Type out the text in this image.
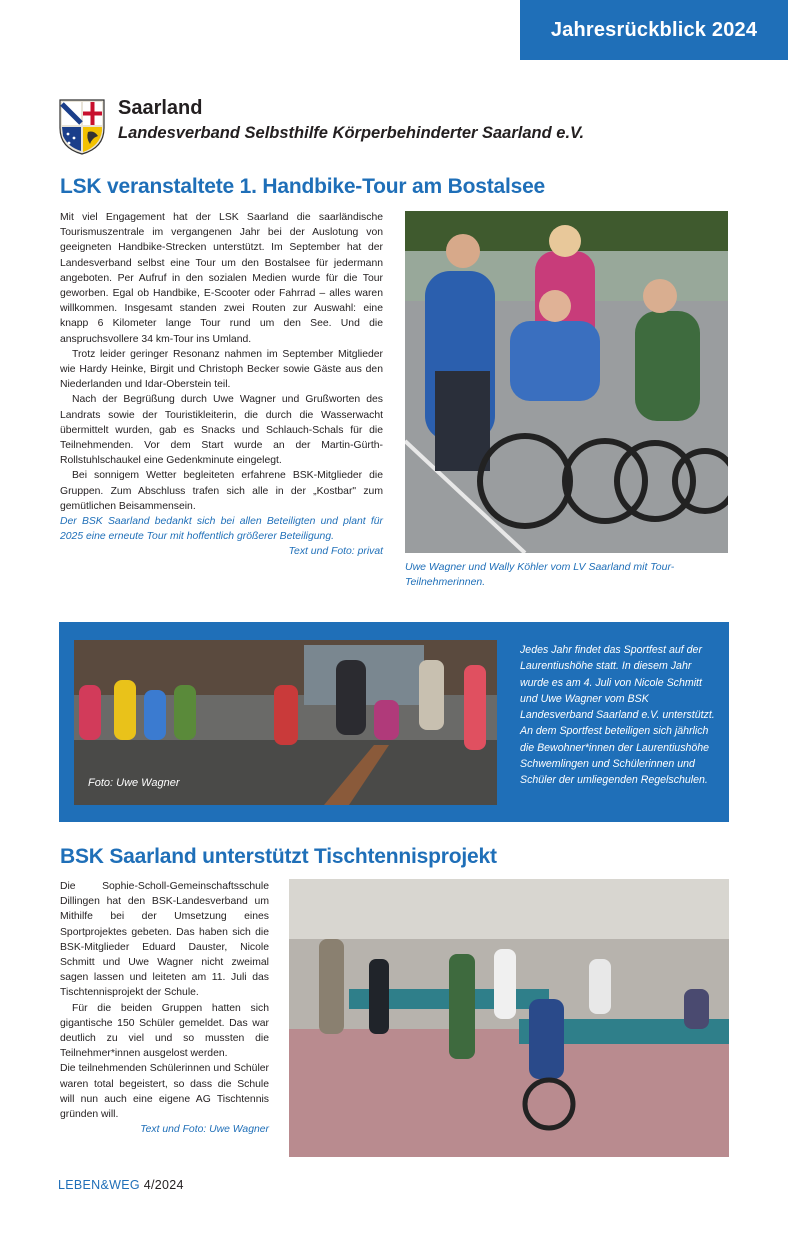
Jahresrückblick 2024
Saarland
Landesverband Selbsthilfe Körperbehinderter Saarland e.V.
LSK veranstaltete 1. Handbike-Tour am Bostalsee

Mit viel Engagement hat der LSK Saarland die saarländische Tourismuszentrale im vergangenen Jahr bei der Auslotung von geeigneten Handbike-Strecken unterstützt. Im September hat der Landesverband selbst eine Tour um den Bostalsee für jedermann angeboten. Per Aufruf in den sozialen Medien wurde für die Tour geworben. Egal ob Handbike, E-Scooter oder Fahrrad – alles waren willkommen. Insgesamt standen zwei Routen zur Auswahl: eine knapp 6 Kilometer lange Tour rund um den See. Und die anspruchsvollere 34 km-Tour ins Umland.

Trotz leider geringer Resonanz nahmen im September Mitglieder wie Hardy Heinke, Birgit und Christoph Becker sowie Gäste aus den Niederlanden und Idar-Oberstein teil.

Nach der Begrüßung durch Uwe Wagner und Grußworten des Landrats sowie der Touristikleiterin, die durch die Wasserwacht übermittelt wurden, gab es Snacks und Schlauch-Schals für die Teilnehmenden. Vor dem Start wurde an der Martin-Gürth-Rollstuhlschaukel eine Gedenkminute eingelegt.

Bei sonnigem Wetter begleiteten erfahrene BSK-Mitglieder die Gruppen. Zum Abschluss trafen sich alle in der „Kostbar" zum gemütlichen Beisammensein.

Der BSK Saarland bedankt sich bei allen Beteiligten und plant für 2025 eine erneute Tour mit hoffentlich größerer Beteiligung.

Text und Foto: privat
Uwe Wagner und Wally Köhler vom LV Saarland mit Tour-Teilnehmerinnen.
Foto: Uwe Wagner
Jedes Jahr findet das Sportfest auf der Laurentiushöhe statt. In diesem Jahr wurde es am 4. Juli von Nicole Schmitt und Uwe Wagner vom BSK Landesverband Saarland e.V. unterstützt. An dem Sportfest beteiligen sich jährlich die Bewohner*innen der Laurentiushöhe Schwemlingen und Schülerinnen und Schüler der umliegenden Regelschulen.
BSK Saarland unterstützt Tischtennisprojekt

Die Sophie-Scholl-Gemeinschaftsschule Dillingen hat den BSK-Landesverband um Mithilfe bei der Umsetzung eines Sportprojektes gebeten. Das haben sich die BSK-Mitglieder Eduard Dauster, Nicole Schmitt und Uwe Wagner nicht zweimal sagen lassen und leiteten am 11. Juli das Tischtennisprojekt der Schule.

Für die beiden Gruppen hatten sich gigantische 150 Schüler gemeldet. Das war deutlich zu viel und so mussten die Teilnehmer*innen ausgelost werden.

Die teilnehmenden Schülerinnen und Schüler waren total begeistert, so dass die Schule will nun auch eine eigene AG Tischtennis gründen will.

Text und Foto: Uwe Wagner
LEBEN&WEG 4/2024
